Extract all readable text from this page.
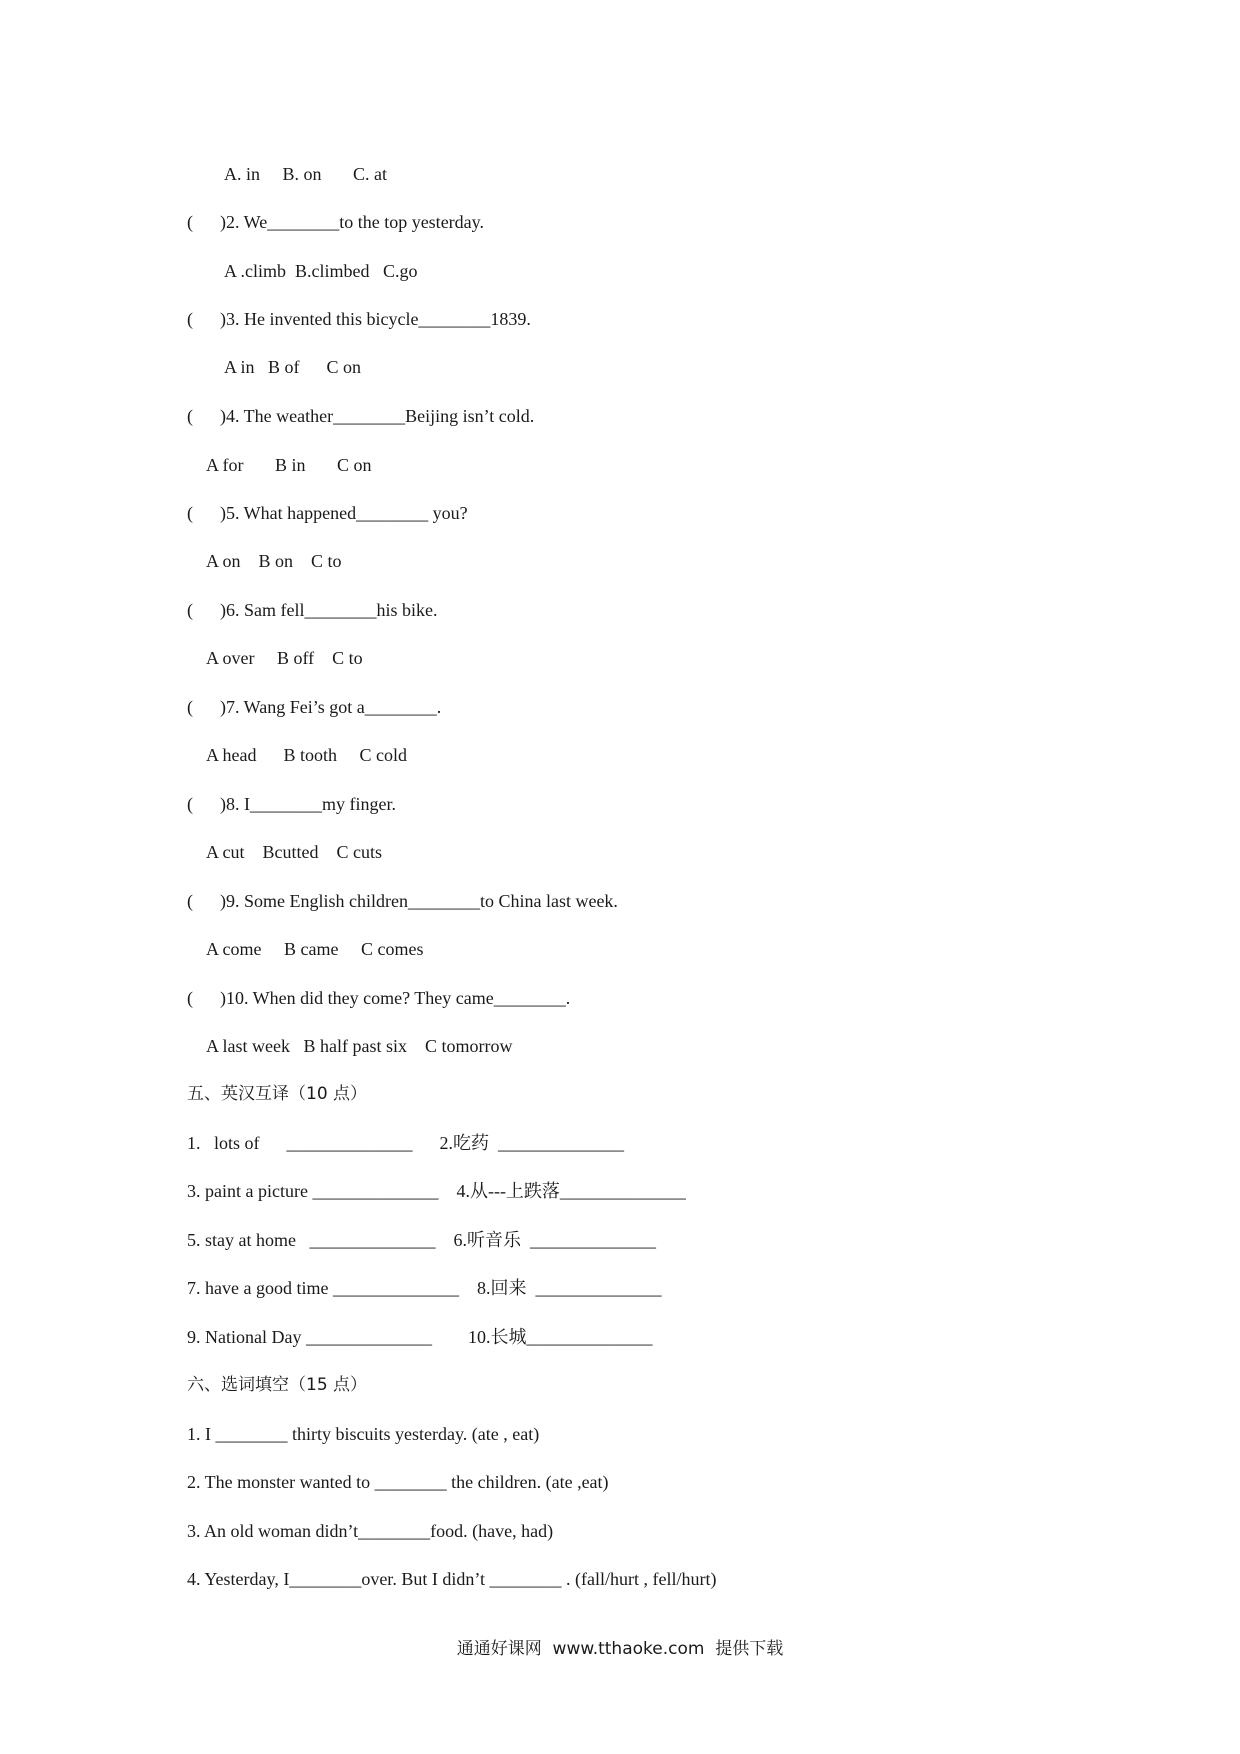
A. in     B. on       C. at
(      )2. We________to the top yesterday.
A .climb  B.climbed   C.go
(      )3. He invented this bicycle________1839.
A in   B of      C on
(      )4. The weather________Beijing isn’t cold.
A for       B in       C on
(      )5. What happened________ you?
A on    B on    C to
(      )6. Sam fell________his bike.
A over     B off    C to
(      )7. Wang Fei’s got a________.
A head      B tooth     C cold
(      )8. I________my finger.
A cut    Bcutted    C cuts
(      )9. Some English children________to China last week.
A come     B came     C comes
(      )10. When did they come? They came________.
A last week   B half past six    C tomorrow
五、英汉互译（10 点）
1.   lots of      ______________      2.吃药  ______________
3. paint a picture ______________    4.从---上跌落______________
5. stay at home   ______________    6.听音乐  ______________
7. have a good time ______________    8.回来  ______________
9. National Day ______________        10.长城______________
六、选词填空（15 点）
1. I ________ thirty biscuits yesterday. (ate , eat)
2. The monster wanted to ________ the children. (ate ,eat)
3. An old woman didn’t________food. (have, had)
4. Yesterday, I________over. But I didn’t ________ . (fall/hurt , fell/hurt)
通通好课网  www.tthaoke.com  提供下载
